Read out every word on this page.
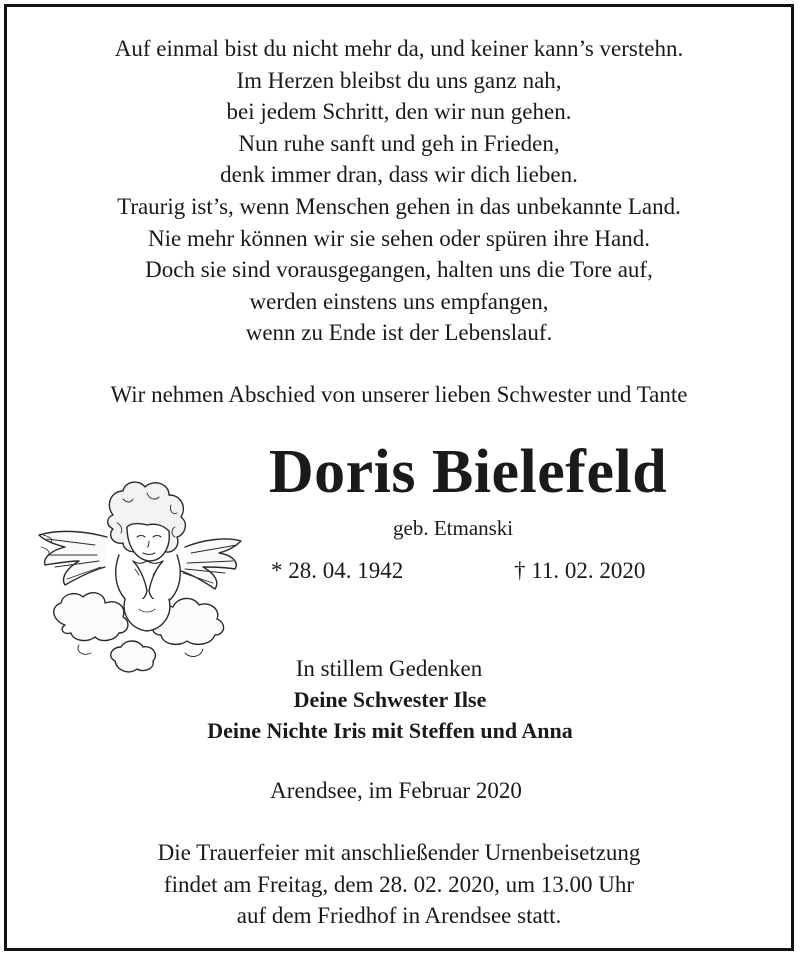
Auf einmal bist du nicht mehr da, und keiner kann’s verstehn.
Im Herzen bleibst du uns ganz nah,
bei jedem Schritt, den wir nun gehen.
Nun ruhe sanft und geh in Frieden,
denk immer dran, dass wir dich lieben.
Traurig ist’s, wenn Menschen gehen in das unbekannte Land.
Nie mehr können wir sie sehen oder spüren ihre Hand.
Doch sie sind vorausgegangen, halten uns die Tore auf,
werden einstens uns empfangen,
wenn zu Ende ist der Lebenslauf.
Wir nehmen Abschied von unserer lieben Schwester und Tante
Doris Bielefeld
geb. Etmanski
* 28. 04. 1942	† 11. 02. 2020
In stillem Gedenken
Deine Schwester Ilse
Deine Nichte Iris mit Steffen und Anna
Arendsee, im Februar 2020
Die Trauerfeier mit anschließender Urnenbeisetzung
findet am Freitag, dem 28. 02. 2020, um 13.00 Uhr
auf dem Friedhof in Arendsee statt.
